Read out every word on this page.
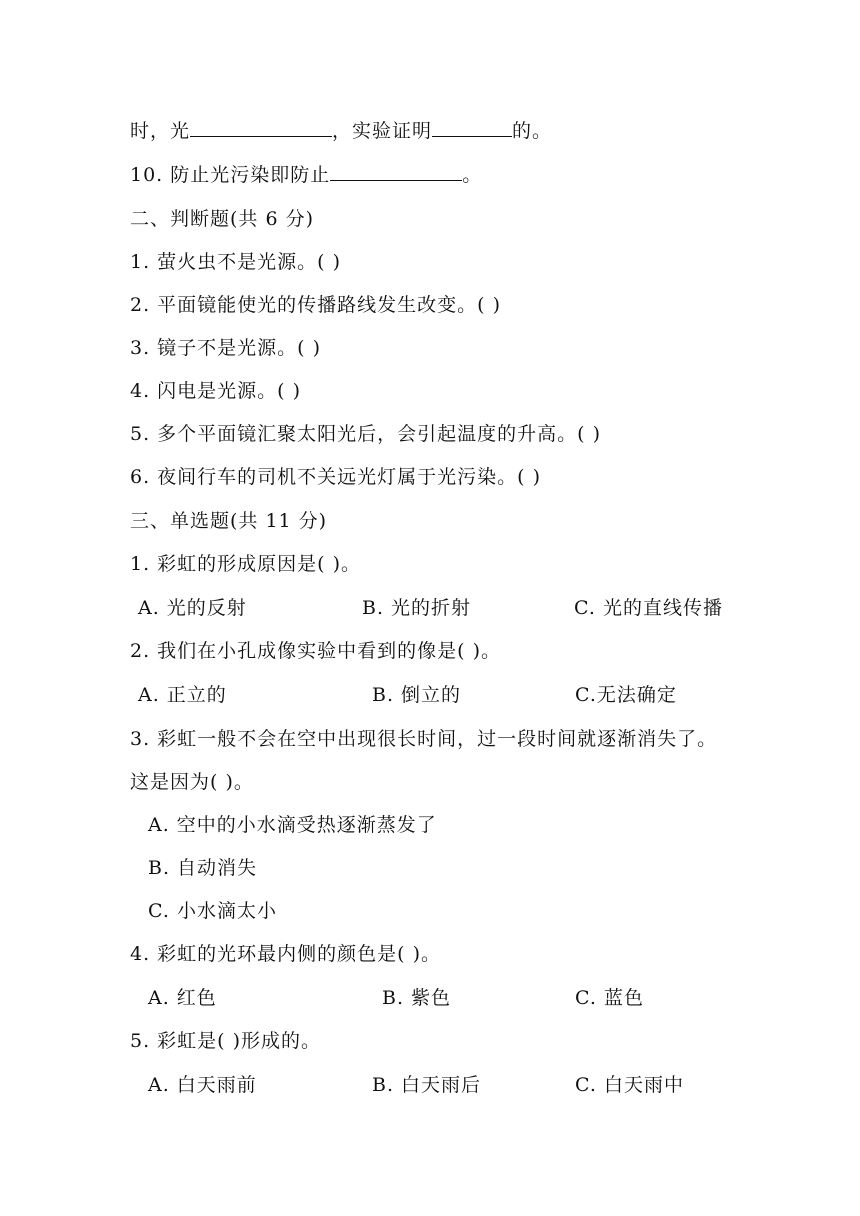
时，光	，实验证明	的。
10. 防止光污染即防止	。
二、判断题(共 6 分)
1. 萤火虫不是光源。( )
2. 平面镜能使光的传播路线发生改变。( )
3. 镜子不是光源。( )
4. 闪电是光源。( )
5. 多个平面镜汇聚太阳光后，会引起温度的升高。( )
6. 夜间行车的司机不关远光灯属于光污染。( )
三、单选题(共 11 分)
1. 彩虹的形成原因是( )。
A. 光的反射	B. 光的折射	C. 光的直线传播
2. 我们在小孔成像实验中看到的像是( )。
A. 正立的	B. 倒立的	C.无法确定
3. 彩虹一般不会在空中出现很长时间，过一段时间就逐渐消失了。
这是因为( )。
A. 空中的小水滴受热逐渐蒸发了
B. 自动消失
C. 小水滴太小
4. 彩虹的光环最内侧的颜色是( )。
A. 红色	B. 紫色	C. 蓝色
5. 彩虹是( )形成的。
A. 白天雨前	B. 白天雨后	C. 白天雨中
